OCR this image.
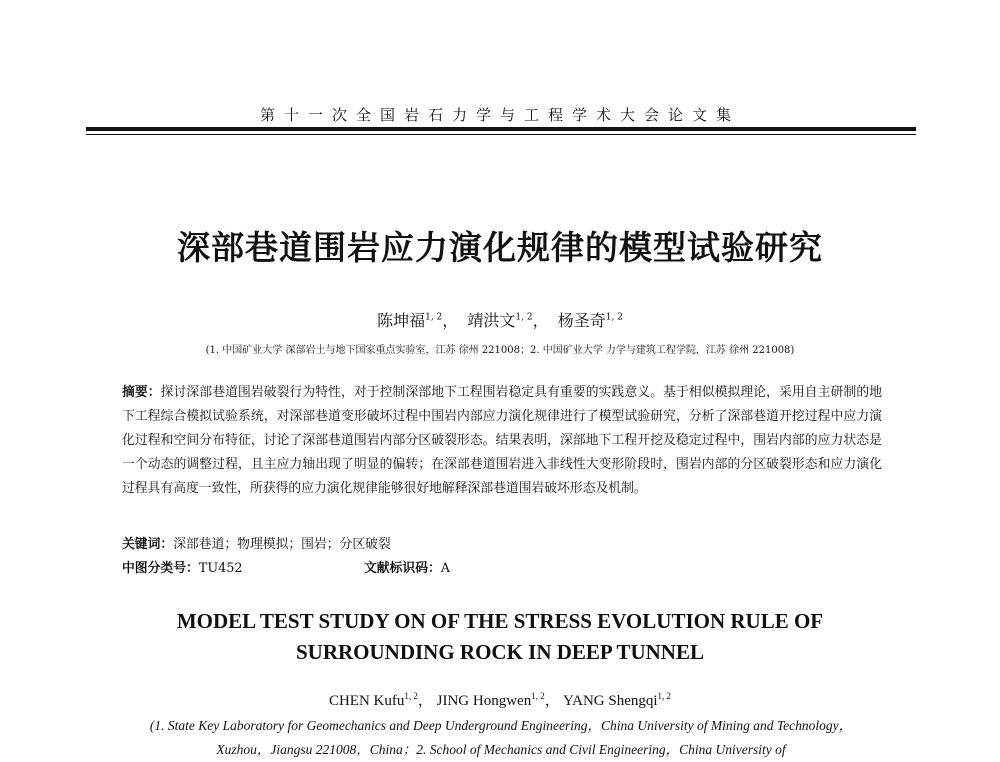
第十一次全国岩石力学与工程学术大会论文集
深部巷道围岩应力演化规律的模型试验研究
陈坤福$^{1, 2}$， 靖洪文$^{1, 2}$， 杨圣奇$^{1, 2}$
(1. 中国矿业大学 深部岩土与地下国家重点实验室，江苏 徐州 221008；2. 中国矿业大学 力学与建筑工程学院，江苏 徐州 221008)
摘要：探讨深部巷道围岩破裂行为特性，对于控制深部地下工程围岩稳定具有重要的实践意义。基于相似模拟理论，采用自主研制的地下工程综合模拟试验系统，对深部巷道变形破坏过程中围岩内部应力演化规律进行了模型试验研究，分析了深部巷道开挖过程中应力演化过程和空间分布特征，讨论了深部巷道围岩内部分区破裂形态。结果表明，深部地下工程开挖及稳定过程中，围岩内部的应力状态是一个动态的调整过程，且主应力轴出现了明显的偏转；在深部巷道围岩进入非线性大变形阶段时，围岩内部的分区破裂形态和应力演化过程具有高度一致性，所获得的应力演化规律能够很好地解释深部巷道围岩破坏形态及机制。
关键词：深部巷道；物理模拟；围岩；分区破裂
中图分类号：TU452	文献标识码：A
MODEL TEST STUDY ON OF THE STRESS EVOLUTION RULE OF
SURROUNDING ROCK IN DEEP TUNNEL
CHEN Kufu$^{1, 2}$， JING Hongwen$^{1, 2}$， YANG Shengqi$^{1, 2}$
(1. State Key Laboratory for Geomechanics and Deep Underground Engineering，China University of Mining and Technology，
Xuzhou，Jiangsu 221008，China；2. School of Mechanics and Civil Engineering，China University of
